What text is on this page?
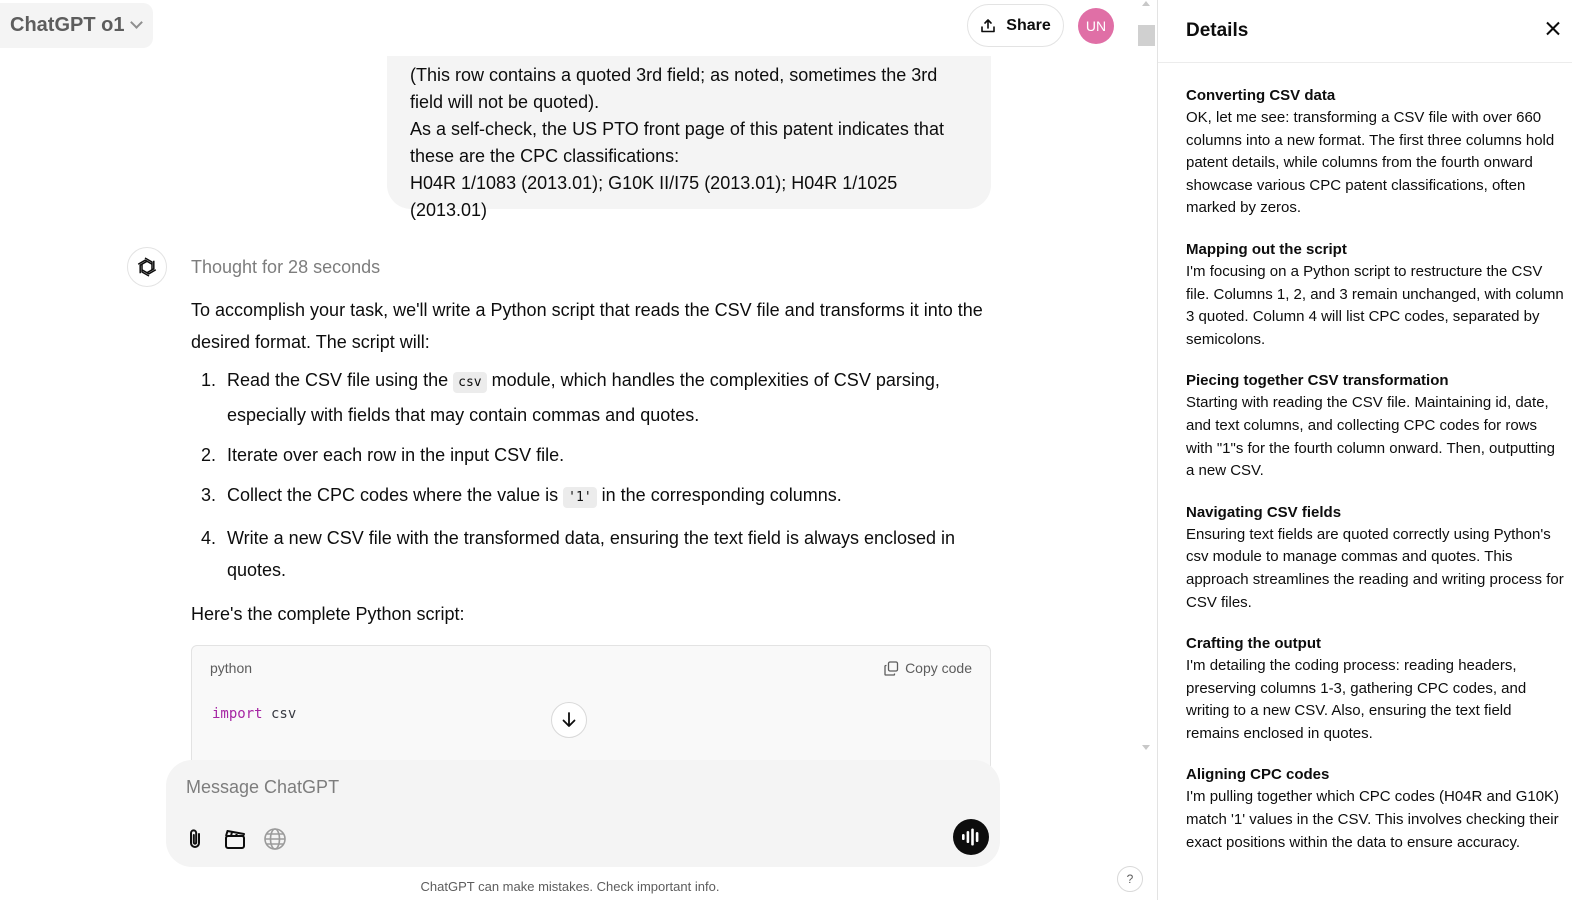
ChatGPT o1	Share	UN

(This row contains a quoted 3rd field; as noted, sometimes the 3rd

field will not be quoted).

As a self-check, the US PTO front page of this patent indicates that

these are the CPC classifications:

H04R 1/1083 (2013.01); G10K II/I75 (2013.01); H04R 1/1025 (2013.01)

Thought for 28 seconds

To accomplish your task, we'll write a Python script that reads the CSV file and transforms it into the desired format. The script will:

1. Read the CSV file using the csv module, which handles the complexities of CSV parsing, especially with fields that may contain commas and quotes.
2. Iterate over each row in the input CSV file.
3. Collect the CPC codes where the value is '1' in the corresponding columns.
4. Write a new CSV file with the transformed data, ensuring the text field is always enclosed in quotes.

Here's the complete Python script:

python	Copy code
import csv
Message ChatGPT
ChatGPT can make mistakes. Check important info.	?
Details
Converting CSV data
OK, let me see: transforming a CSV file with over 660 columns into a new format. The first three columns hold patent details, while columns from the fourth onward showcase various CPC patent classifications, often marked by zeros.
Mapping out the script
I'm focusing on a Python script to restructure the CSV file. Columns 1, 2, and 3 remain unchanged, with column 3 quoted. Column 4 will list CPC codes, separated by semicolons.
Piecing together CSV transformation
Starting with reading the CSV file. Maintaining id, date, and text columns, and collecting CPC codes for rows with "1"s for the fourth column onward. Then, outputting a new CSV.
Navigating CSV fields
Ensuring text fields are quoted correctly using Python's csv module to manage commas and quotes. This approach streamlines the reading and writing process for CSV files.
Crafting the output
I'm detailing the coding process: reading headers, preserving columns 1-3, gathering CPC codes, and writing to a new CSV. Also, ensuring the text field remains enclosed in quotes.
Aligning CPC codes
I'm pulling together which CPC codes (H04R and G10K) match '1' values in the CSV. This involves checking their exact positions within the data to ensure accuracy.
